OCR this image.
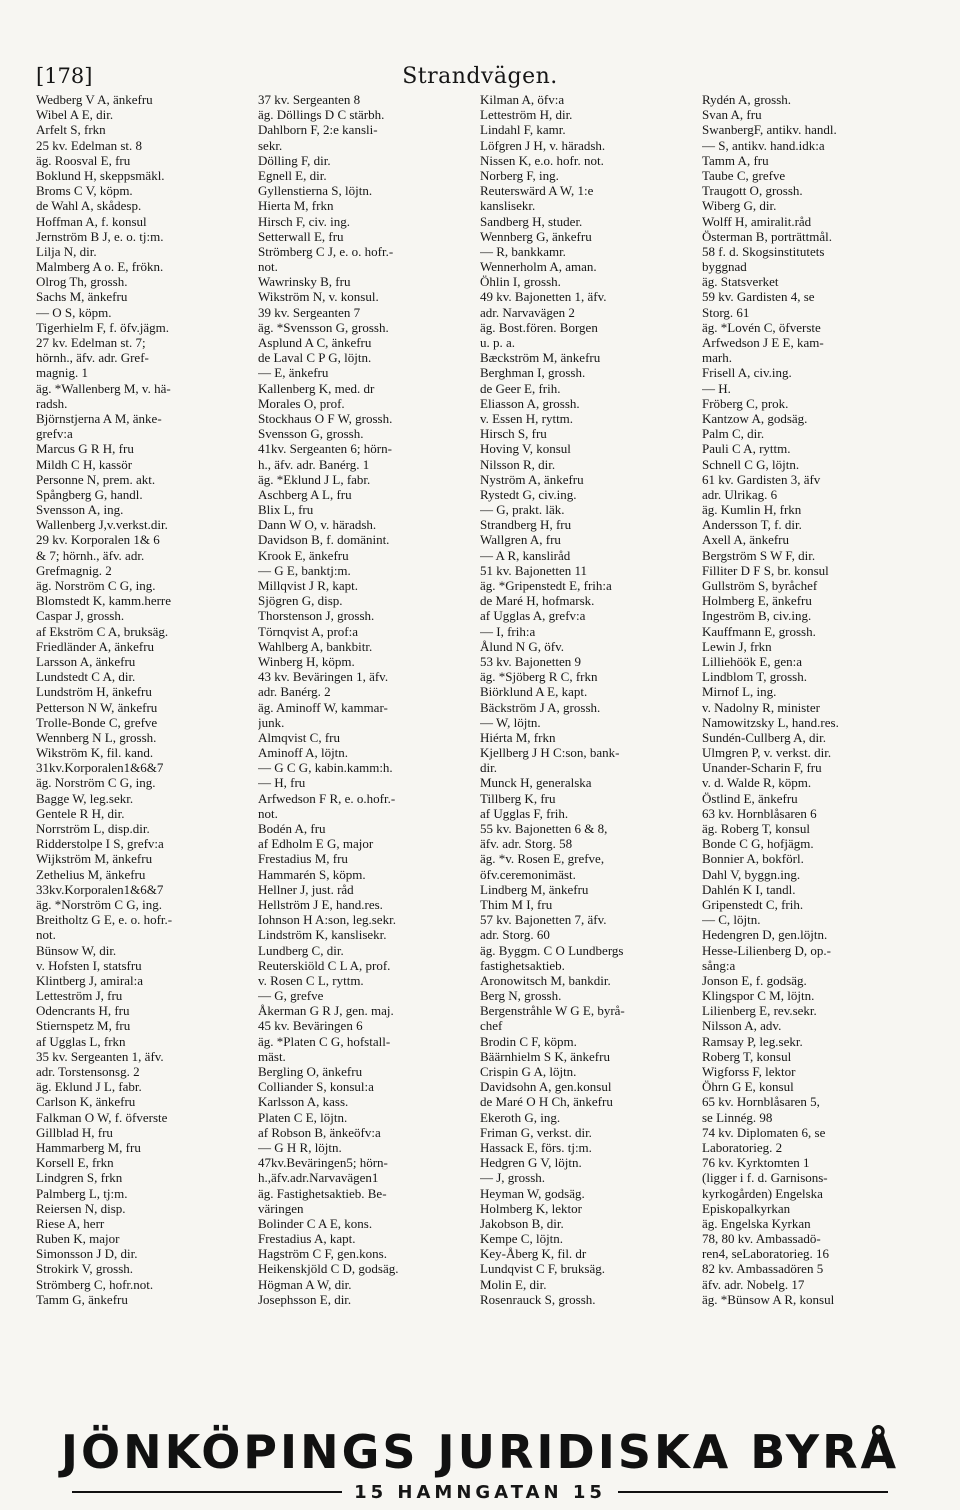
[178]	Strandvägen.
Wedberg V A, änkefru
Wibel A E, dir.
Arfelt S, frkn
25 kv. Edelman st. 8
äg. Roosval E, fru
Boklund H, skeppsmäkl.
Broms C V, köpm.
de Wahl A, skådesp.
Hoffman A, f. konsul
Jernström B J, e. o. tj:m.
Lilja N, dir.
Malmberg A o. E, frökn.
Olrog Th, grossh.
Sachs M, änkefru
— O S, köpm.
Tigerhielm F, f. öfv.jägm.
27 kv. Edelman st. 7;
hörnh., äfv. adr. Gref-
magnig. 1
äg. *Wallenberg M, v. hä-
radsh.
Björnstjerna A M, änke-
grefv:a
Marcus G R H, fru
Mildh C H, kassör
Personne N, prem. akt.
Spångberg G, handl.
Svensson A, ing.
Wallenberg J,v.verkst.dir.
29 kv. Korporalen 1& 6
& 7; hörnh., äfv. adr.
Grefmagnig. 2
äg. Norström C G, ing.
Blomstedt K, kamm.herre
Caspar J, grossh.
af Ekström C A, bruksäg.
Friedländer A, änkefru
Larsson A, änkefru
Lundstedt C A, dir.
Lundström H, änkefru
Petterson N W, änkefru
Trolle-Bonde C, grefve
Wennberg N L, grossh.
Wikström K, fil. kand.
31kv.Korporalen1&6&7
äg. Norström C G, ing.
Bagge W, leg.sekr.
Gentele R H, dir.
Norrström L, disp.dir.
Ridderstolpe I S, grefv:a
Wijkström M, änkefru
Zethelius M, änkefru
33kv.Korporalen1&6&7
äg. *Norström C G, ing.
Breitholtz G E, e. o. hofr.-
not.
Bünsow W, dir.
v. Hofsten I, statsfru
Klintberg J, amiral:a
Letteström J, fru
Odencrants H, fru
Stiernspetz M, fru
af Ugglas L, frkn
35 kv. Sergeanten 1, äfv.
adr. Torstensonsg. 2
äg. Eklund J L, fabr.
Carlson K, änkefru
Falkman O W, f. öfverste
Gillblad H, fru
Hammarberg M, fru
Korsell E, frkn
Lindgren S, frkn
Palmberg L, tj:m.
Reiersen N, disp.
Riese A, herr
Ruben K, major
Simonsson J D, dir.
Strokirk V, grossh.
Strömberg C, hofr.not.
Tamm G, änkefru
37 kv. Sergeanten 8
äg. Döllings D C stärbh.
Dahlborn F, 2:e kansli-
sekr.
Dölling F, dir.
Egnell E, dir.
Gyllenstierna S, löjtn.
Hierta M, frkn
Hirsch F, civ. ing.
Setterwall E, fru
Strömberg C J, e. o. hofr.-
not.
Wawrinsky B, fru
Wikström N, v. konsul.
39 kv. Sergeanten 7
äg. *Svensson G, grossh.
Asplund A C, änkefru
de Laval C P G, löjtn.
— E, änkefru
Kallenberg K, med. dr
Morales O, prof.
Stockhaus O F W, grossh.
Svensson G, grossh.
41kv. Sergeanten 6; hörn-
h., äfv. adr. Banérg. 1
äg. *Eklund J L, fabr.
Aschberg A L, fru
Blix L, fru
Dann W O, v. häradsh.
Davidson B, f. domänint.
Krook E, änkefru
— G E, banktj:m.
Millqvist J R, kapt.
Sjögren G, disp.
Thorstenson J, grossh.
Törnqvist A, prof:a
Wahlberg A, bankbitr.
Winberg H, köpm.
43 kv. Beväringen 1, äfv.
adr. Banérg. 2
äg. Aminoff W, kammar-
junk.
Almqvist C, fru
Aminoff A, löjtn.
— G C G, kabin.kamm:h.
— H, fru
Arfwedson F R, e. o.hofr.-
not.
Bodén A, fru
af Edholm E G, major
Frestadius M, fru
Hammarén S, köpm.
Hellner J, just. råd
Hellström J E, hand.res.
Iohnson H A:son, leg.sekr.
Lindström K, kanslisekr.
Lundberg C, dir.
Reuterskiöld C L A, prof.
v. Rosen C L, ryttm.
— G, grefve
Åkerman G R J, gen. maj.
45 kv. Beväringen 6
äg. *Platen C G, hofstall-
mäst.
Bergling O, änkefru
Colliander S, konsul:a
Karlsson A, kass.
Platen C E, löjtn.
af Robson B, änkeöfv:a
— G H R, löjtn.
47kv.Beväringen5; hörn-
h.,äfv.adr.Narvavägen1
äg. Fastighetsaktieb. Be-
väringen
Bolinder C A E, kons.
Frestadius A, kapt.
Hagström C F, gen.kons.
Heikenskjöld C D, godsäg.
Högman A W, dir.
Josephsson E, dir.
Kilman A, öfv:a
Letteström H, dir.
Lindahl F, kamr.
Löfgren J H, v. häradsh.
Nissen K, e.o. hofr. not.
Norberg F, ing.
Reuterswärd A W, 1:e
kanslisekr.
Sandberg H, studer.
Wennberg G, änkefru
— R, bankkamr.
Wennerholm A, aman.
Öhlin I, grossh.
49 kv. Bajonetten 1, äfv.
adr. Narvavägen 2
äg. Bost.fören. Borgen
u. p. a.
Bæckström M, änkefru
Berghman I, grossh.
de Geer E, frih.
Eliasson A, grossh.
v. Essen H, ryttm.
Hirsch S, fru
Hoving V, konsul
Nilsson R, dir.
Nyström A, änkefru
Rystedt G, civ.ing.
— G, prakt. läk.
Strandberg H, fru
Wallgren A, fru
— A R, kansliråd
51 kv. Bajonetten 11
äg. *Gripenstedt E, frih:a
de Maré H, hofmarsk.
af Ugglas A, grefv:a
— I, frih:a
Ålund N G, öfv.
53 kv. Bajonetten 9
äg. *Sjöberg R C, frkn
Biörklund A E, kapt.
Bäckström J A, grossh.
— W, löjtn.
Hiérta M, frkn
Kjellberg J H C:son, bank-
dir.
Munck H, generalska
Tillberg K, fru
af Ugglas F, frih.
55 kv. Bajonetten 6 & 8,
äfv. adr. Storg. 58
äg. *v. Rosen E, grefve,
öfv.ceremonimäst.
Lindberg M, änkefru
Thim M I, fru
57 kv. Bajonetten 7, äfv.
adr. Storg. 60
äg. Byggm. C O Lundbergs
fastighetsaktieb.
Aronowitsch M, bankdir.
Berg N, grossh.
Bergenstråhle W G E, byrå-
chef
Brodin C F, köpm.
Bäärnhielm S K, änkefru
Crispin G A, löjtn.
Davidsohn A, gen.konsul
de Maré O H Ch, änkefru
Ekeroth G, ing.
Friman G, verkst. dir.
Hassack E, förs. tj:m.
Hedgren G V, löjtn.
— J, grossh.
Heyman W, godsäg.
Holmberg K, lektor
Jakobson B, dir.
Kempe C, löjtn.
Key-Åberg K, fil. dr
Lundqvist C F, bruksäg.
Molin E, dir.
Rosenrauck S, grossh.
Rydén A, grossh.
Svan A, fru
SwanbergF, antikv. handl.
— S, antikv. hand.idk:a
Tamm A, fru
Taube C, grefve
Traugott O, grossh.
Wiberg G, dir.
Wolff H, amiralit.råd
Österman B, porträttmål.
58 f. d. Skogsinstitutets
byggnad
äg. Statsverket
59 kv. Gardisten 4, se
Storg. 61
äg. *Lovén C, öfverste
Arfwedson J E E, kam-
marh.
Frisell A, civ.ing.
— H.
Fröberg C, prok.
Kantzow A, godsäg.
Palm C, dir.
Pauli C A, ryttm.
Schnell C G, löjtn.
61 kv. Gardisten 3, äfv
adr. Ulrikag. 6
äg. Kumlin H, frkn
Andersson T, f. dir.
Axell A, änkefru
Bergström S W F, dir.
Filliter D F S, br. konsul
Gullström S, byråchef
Holmberg E, änkefru
Ingeström B, civ.ing.
Kauffmann E, grossh.
Lewin J, frkn
Lilliehöök E, gen:a
Lindblom T, grossh.
Mirnof L, ing.
v. Nadolny R, minister
Namowitzsky L, hand.res.
Sundén-Cullberg A, dir.
Ulmgren P, v. verkst. dir.
Unander-Scharin F, fru
v. d. Walde R, köpm.
Östlind E, änkefru
63 kv. Hornblåsaren 6
äg. Roberg T, konsul
Bonde C G, hofjägm.
Bonnier A, bokförl.
Dahl V, byggn.ing.
Dahlén K I, tandl.
Gripenstedt C, frih.
— C, löjtn.
Hedengren D, gen.löjtn.
Hesse-Lilienberg D, op.-
sång:a
Jonson E, f. godsäg.
Klingspor C M, löjtn.
Lilienberg E, rev.sekr.
Nilsson A, adv.
Ramsay P, leg.sekr.
Roberg T, konsul
Wigforss F, lektor
Öhrn G E, konsul
65 kv. Hornblåsaren 5,
se Linnég. 98
74 kv. Diplomaten 6, se
Laboratorieg. 2
76 kv. Kyrktomten 1
(ligger i f. d. Garnisons-
kyrkogården) Engelska
Episkopalkyrkan
äg. Engelska Kyrkan
78, 80 kv. Ambassadö-
ren4, seLaboratorieg. 16
82 kv. Ambassadören 5
äfv. adr. Nobelg. 17
äg. *Bünsow A R, konsul
JÖNKÖPINGS JURIDISKA BYRÅ
15 HAMNGATAN 15
